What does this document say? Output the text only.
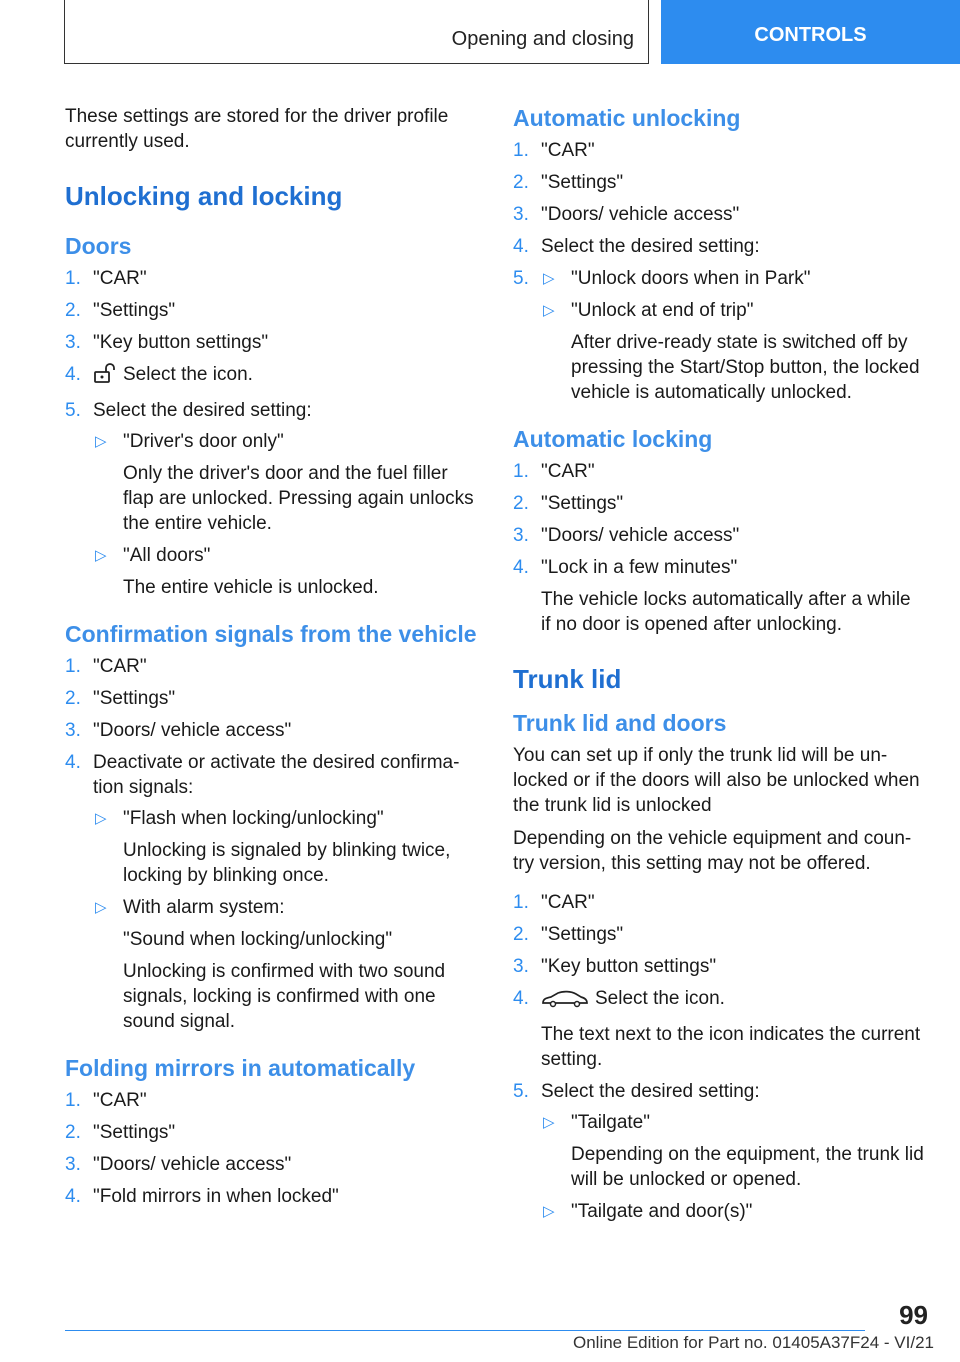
Opening and closing	CONTROLS

These settings are stored for the driver profile currently used.

Unlocking and locking
Doors
1. "CAR"
2. "Settings"
3. "Key button settings"
4. Select the icon.
5. Select the desired setting:
▷ "Driver's door only"
Only the driver's door and the fuel filler flap are unlocked. Pressing again unlocks the entire vehicle.
▷ "All doors"
The entire vehicle is unlocked.
Confirmation signals from the vehicle
1. "CAR"
2. "Settings"
3. "Doors/ vehicle access"
4. Deactivate or activate the desired confirma‐tion signals:
▷ "Flash when locking/unlocking"
Unlocking is signaled by blinking twice, locking by blinking once.
▷ With alarm system:
"Sound when locking/unlocking"
Unlocking is confirmed with two sound signals, locking is confirmed with one sound signal.
Folding mirrors in automatically
1. "CAR"
2. "Settings"
3. "Doors/ vehicle access"
4. "Fold mirrors in when locked"
Automatic unlocking
1. "CAR"
2. "Settings"
3. "Doors/ vehicle access"
4. Select the desired setting:
5. ▷ "Unlock doors when in Park"
▷ "Unlock at end of trip"
After drive-ready state is switched off by pressing the Start/Stop button, the locked vehicle is automatically unlocked.
Automatic locking
1. "CAR"
2. "Settings"
3. "Doors/ vehicle access"
4. "Lock in a few minutes"
The vehicle locks automatically after a while if no door is opened after unlocking.
Trunk lid
Trunk lid and doors

You can set up if only the trunk lid will be un‐locked or if the doors will also be unlocked when the trunk lid is unlocked

Depending on the vehicle equipment and coun‐try version, this setting may not be offered.

1. "CAR"
2. "Settings"
3. "Key button settings"
4.	Select the icon.
The text next to the icon indicates the current setting.
5. Select the desired setting:
▷ "Tailgate"
Depending on the equipment, the trunk lid will be unlocked or opened.
▷ "Tailgate and door(s)"
99
Online Edition for Part no. 01405A37F24 - VI/21
